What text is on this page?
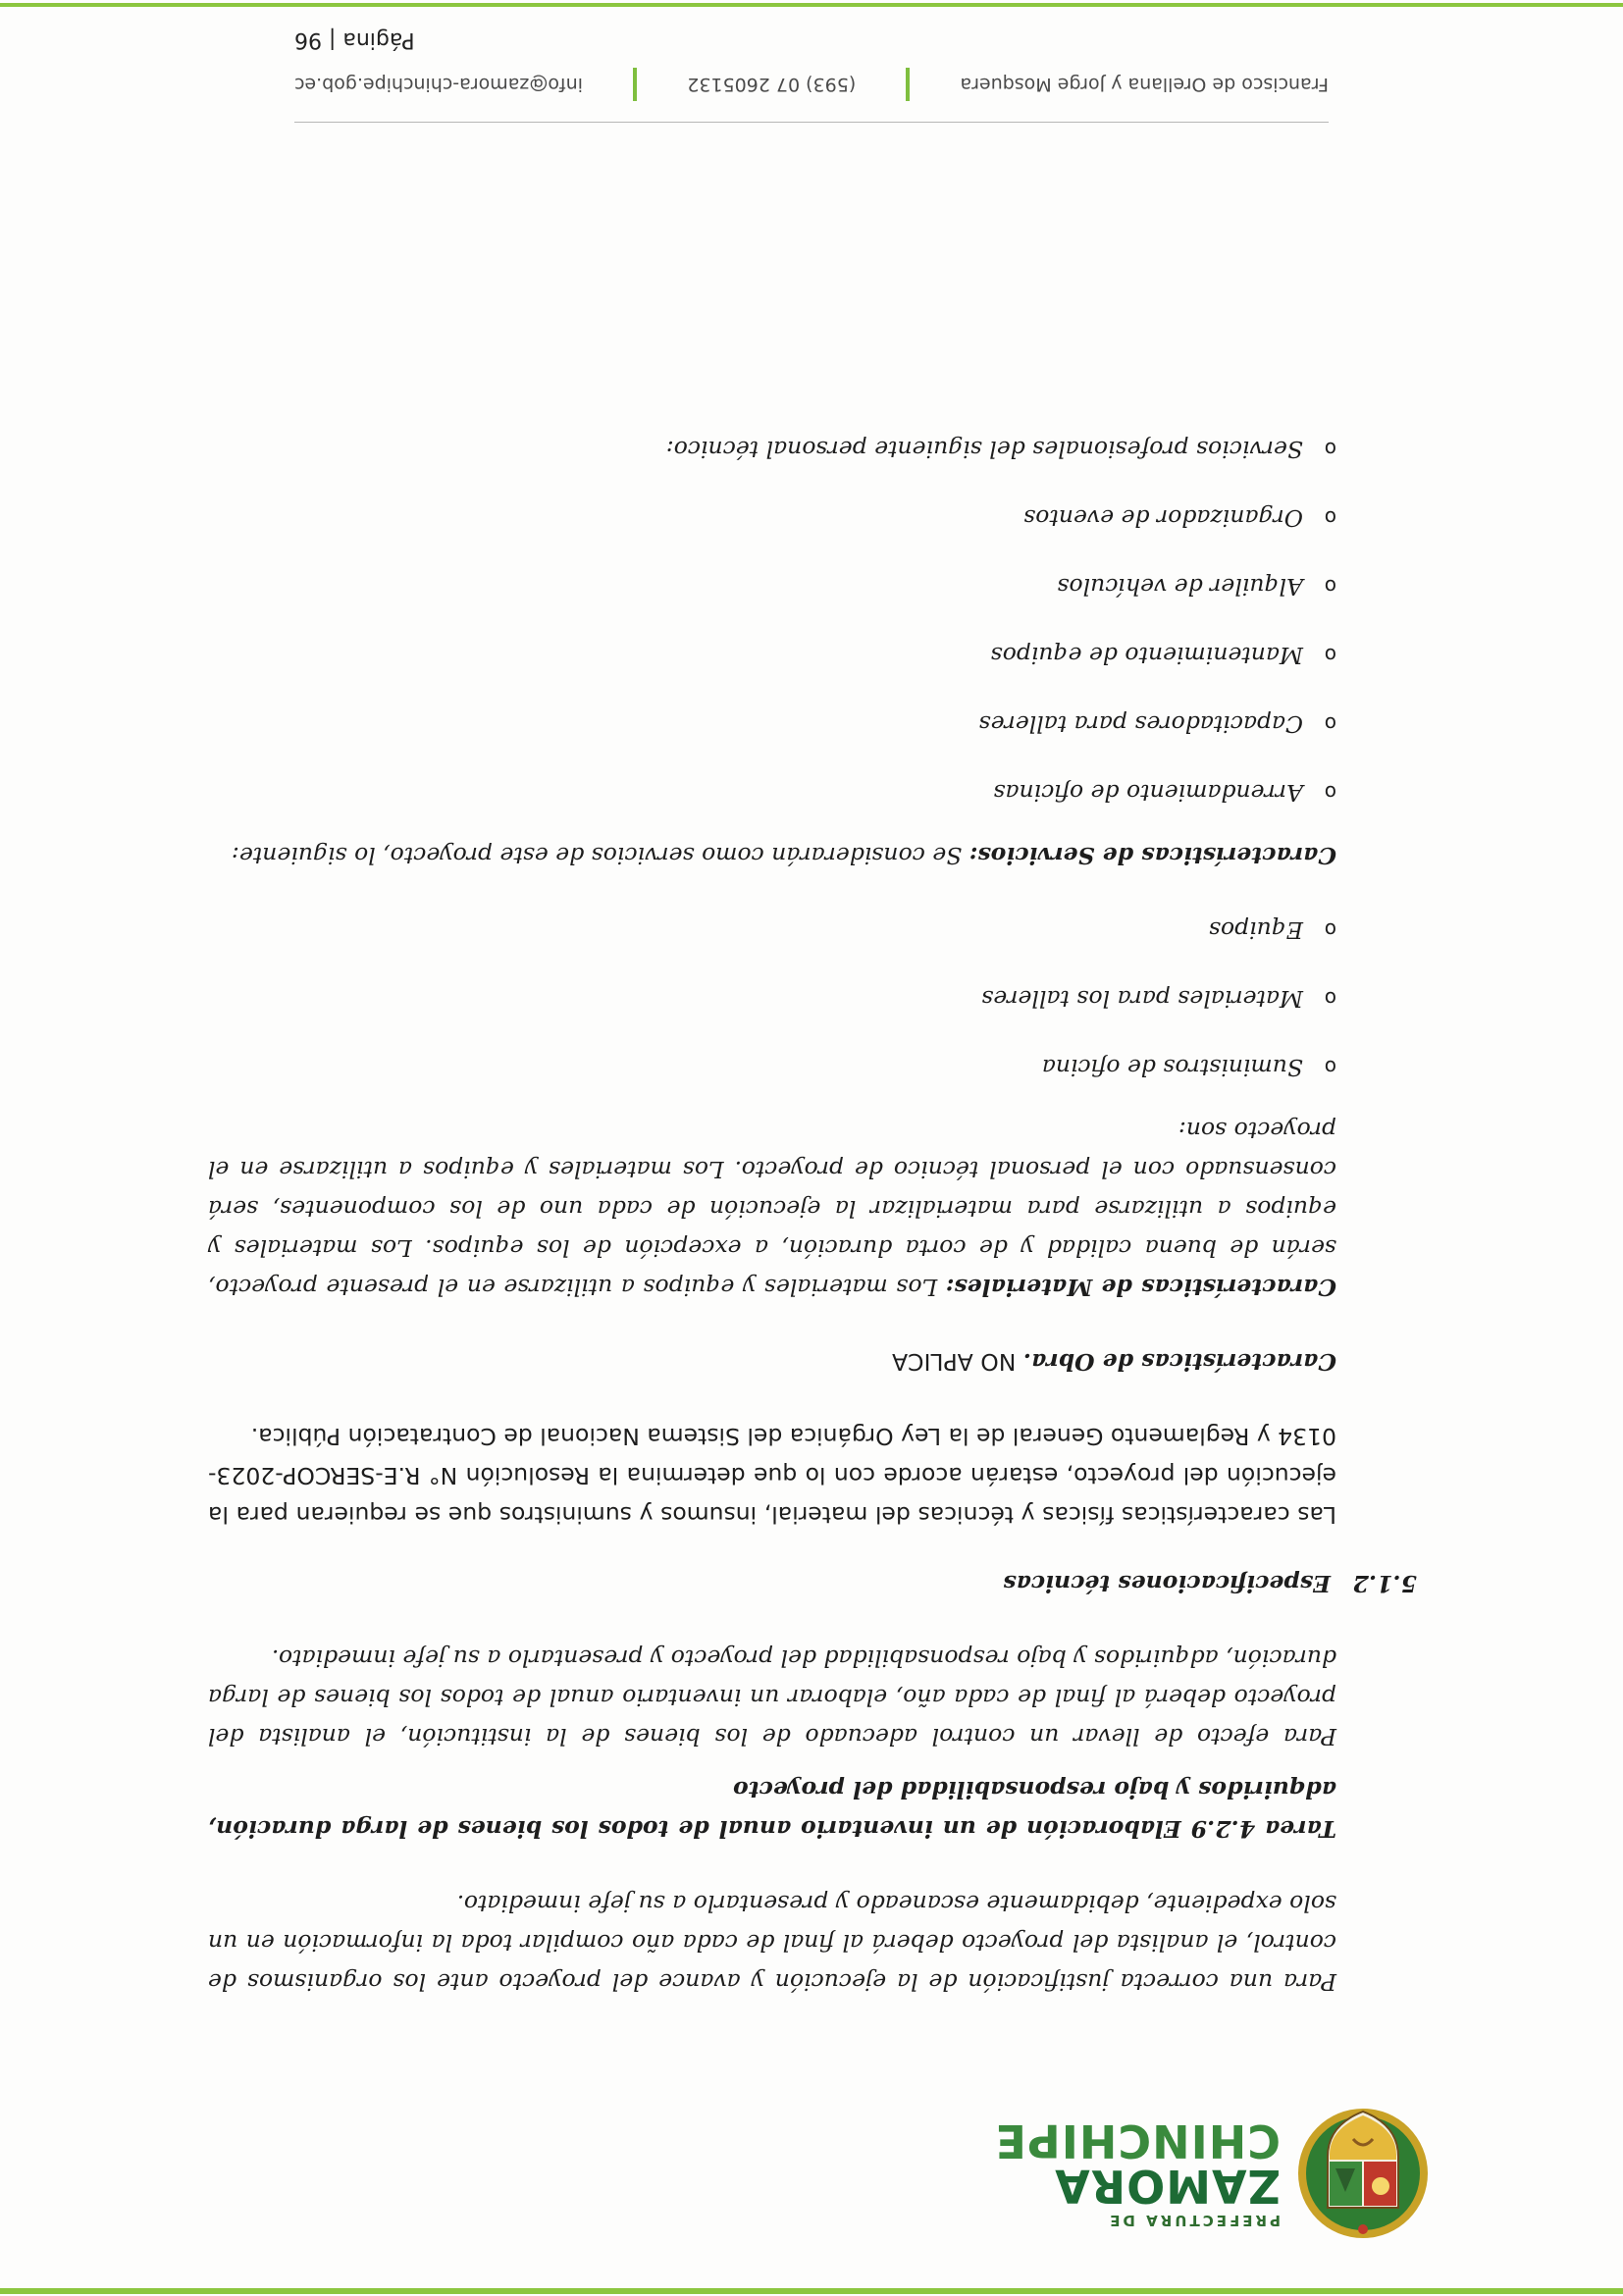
PREFECTURA DE
ZAMORA
CHINCHIPE

Para una correcta justificación de la ejecución y avance del proyecto ante los organismos de control, el analista del proyecto deberá al final de cada año compilar toda la información en un solo expediente, debidamente escaneado y presentarlo a su jefe inmediato.

Tarea 4.2.9 Elaboración de un inventario anual de todos los bienes de larga duración, adquiridos y bajo responsabilidad del proyecto

Para efecto de llevar un control adecuado de los bienes de la institución, el analista del proyecto deberá al final de cada año, elaborar un inventario anual de todos los bienes de larga duración, adquiridos y bajo responsabilidad del proyecto y presentarlo a su jefe inmediato.

5.1.2
Especificaciones técnicas

Las características físicas y técnicas del material, insumos y suministros que se requieran para la ejecución del proyecto, estarán acorde con lo que determina la Resolución N° R.E-SERCOP-2023-0134 y Reglamento General de la Ley Orgánica del Sistema Nacional de Contratación Pública.

Características de Obra. NO APLICA

Características de Materiales: Los materiales y equipos a utilizarse en el presente proyecto, serán de buena calidad y de corta duración, a excepción de los equipos. Los materiales y equipos a utilizarse para materializar la ejecución de cada uno de los componentes, será consensuado con el personal técnico de proyecto. Los materiales y equipos a utilizarse en el proyecto son:

o
Suministros de oficina
o
Materiales para los talleres
o
Equipos

Características de Servicios: Se considerarán como servicios de este proyecto, lo siguiente:

o
Arrendamiento de oficinas
o
Capacitadores para talleres
o
Mantenimiento de equipos
o
Alquiler de vehículos
o
Organizador de eventos
o
Servicios profesionales del siguiente personal técnico:
Francisco de Orellana y Jorge Mosquera
(593) 07 2605132
info@zamora-chinchipe.gob.ec
Página | 96
